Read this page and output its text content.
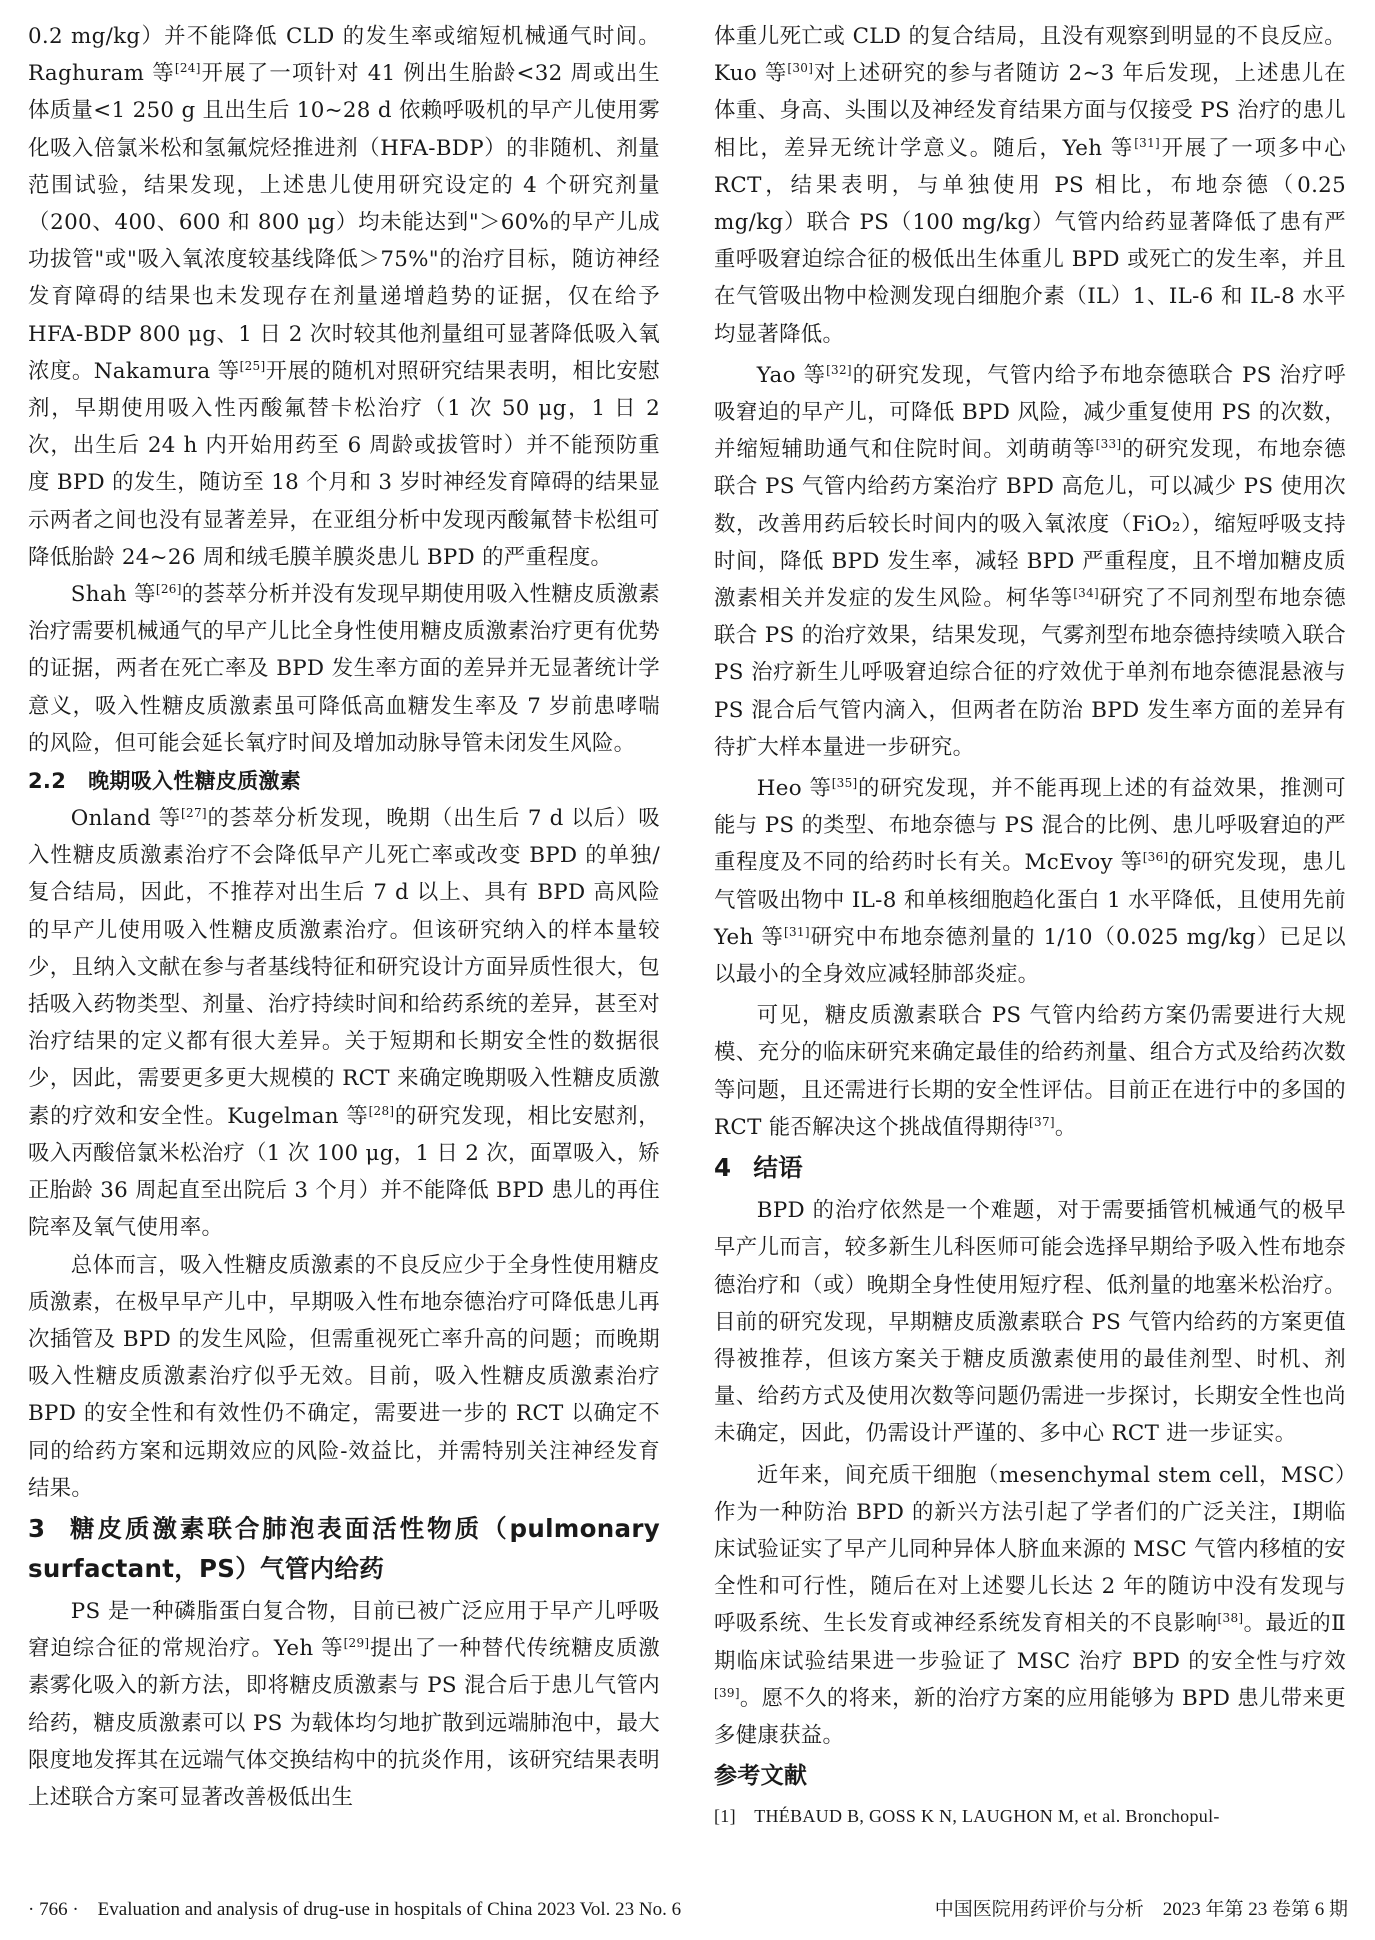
0.2 mg/kg）并不能降低 CLD 的发生率或缩短机械通气时间。Raghuram 等[24]开展了一项针对 41 例出生胎龄<32 周或出生体质量<1 250 g 且出生后 10~28 d 依赖呼吸机的早产儿使用雾化吸入倍氯米松和氢氟烷烃推进剂（HFA-BDP）的非随机、剂量范围试验，结果发现，上述患儿使用研究设定的 4 个研究剂量（200、400、600 和 800 μg）均未能达到"＞60%的早产儿成功拔管"或"吸入氧浓度较基线降低＞75%"的治疗目标，随访神经发育障碍的结果也未发现存在剂量递增趋势的证据，仅在给予 HFA-BDP 800 μg、1 日 2 次时较其他剂量组可显著降低吸入氧浓度。Nakamura 等[25]开展的随机对照研究结果表明，相比安慰剂，早期使用吸入性丙酸氟替卡松治疗（1 次 50 μg，1 日 2 次，出生后 24 h 内开始用药至 6 周龄或拔管时）并不能预防重度 BPD 的发生，随访至 18 个月和 3 岁时神经发育障碍的结果显示两者之间也没有显著差异，在亚组分析中发现丙酸氟替卡松组可降低胎龄 24~26 周和绒毛膜羊膜炎患儿 BPD 的严重程度。

Shah 等[26]的荟萃分析并没有发现早期使用吸入性糖皮质激素治疗需要机械通气的早产儿比全身性使用糖皮质激素治疗更有优势的证据，两者在死亡率及 BPD 发生率方面的差异并无显著统计学意义，吸入性糖皮质激素虽可降低高血糖发生率及 7 岁前患哮喘的风险，但可能会延长氧疗时间及增加动脉导管未闭发生风险。

2.2 晚期吸入性糖皮质激素

Onland 等[27]的荟萃分析发现，晚期（出生后 7 d 以后）吸入性糖皮质激素治疗不会降低早产儿死亡率或改变 BPD 的单独/复合结局，因此，不推荐对出生后 7 d 以上、具有 BPD 高风险的早产儿使用吸入性糖皮质激素治疗。但该研究纳入的样本量较少，且纳入文献在参与者基线特征和研究设计方面异质性很大，包括吸入药物类型、剂量、治疗持续时间和给药系统的差异，甚至对治疗结果的定义都有很大差异。关于短期和长期安全性的数据很少，因此，需要更多更大规模的 RCT 来确定晚期吸入性糖皮质激素的疗效和安全性。Kugelman 等[28]的研究发现，相比安慰剂，吸入丙酸倍氯米松治疗（1 次 100 μg，1 日 2 次，面罩吸入，矫正胎龄 36 周起直至出院后 3 个月）并不能降低 BPD 患儿的再住院率及氧气使用率。

总体而言，吸入性糖皮质激素的不良反应少于全身性使用糖皮质激素，在极早早产儿中，早期吸入性布地奈德治疗可降低患儿再次插管及 BPD 的发生风险，但需重视死亡率升高的问题；而晚期吸入性糖皮质激素治疗似乎无效。目前，吸入性糖皮质激素治疗 BPD 的安全性和有效性仍不确定，需要进一步的 RCT 以确定不同的给药方案和远期效应的风险-效益比，并需特别关注神经发育结果。

3 糖皮质激素联合肺泡表面活性物质（pulmonary surfactant，PS）气管内给药

PS 是一种磷脂蛋白复合物，目前已被广泛应用于早产儿呼吸窘迫综合征的常规治疗。Yeh 等[29]提出了一种替代传统糖皮质激素雾化吸入的新方法，即将糖皮质激素与 PS 混合后于患儿气管内给药，糖皮质激素可以 PS 为载体均匀地扩散到远端肺泡中，最大限度地发挥其在远端气体交换结构中的抗炎作用，该研究结果表明上述联合方案可显著改善极低出生

体重儿死亡或 CLD 的复合结局，且没有观察到明显的不良反应。Kuo 等[30]对上述研究的参与者随访 2~3 年后发现，上述患儿在体重、身高、头围以及神经发育结果方面与仅接受 PS 治疗的患儿相比，差异无统计学意义。随后，Yeh 等[31]开展了一项多中心 RCT，结果表明，与单独使用 PS 相比，布地奈德（0.25 mg/kg）联合 PS（100 mg/kg）气管内给药显著降低了患有严重呼吸窘迫综合征的极低出生体重儿 BPD 或死亡的发生率，并且在气管吸出物中检测发现白细胞介素（IL）1、IL-6 和 IL-8 水平均显著降低。

Yao 等[32]的研究发现，气管内给予布地奈德联合 PS 治疗呼吸窘迫的早产儿，可降低 BPD 风险，减少重复使用 PS 的次数，并缩短辅助通气和住院时间。刘萌萌等[33]的研究发现，布地奈德联合 PS 气管内给药方案治疗 BPD 高危儿，可以减少 PS 使用次数，改善用药后较长时间内的吸入氧浓度（FiO₂），缩短呼吸支持时间，降低 BPD 发生率，减轻 BPD 严重程度，且不增加糖皮质激素相关并发症的发生风险。柯华等[34]研究了不同剂型布地奈德联合 PS 的治疗效果，结果发现，气雾剂型布地奈德持续喷入联合 PS 治疗新生儿呼吸窘迫综合征的疗效优于单剂布地奈德混悬液与 PS 混合后气管内滴入，但两者在防治 BPD 发生率方面的差异有待扩大样本量进一步研究。

Heo 等[35]的研究发现，并不能再现上述的有益效果，推测可能与 PS 的类型、布地奈德与 PS 混合的比例、患儿呼吸窘迫的严重程度及不同的给药时长有关。McEvoy 等[36]的研究发现，患儿气管吸出物中 IL-8 和单核细胞趋化蛋白 1 水平降低，且使用先前 Yeh 等[31]研究中布地奈德剂量的 1/10（0.025 mg/kg）已足以以最小的全身效应减轻肺部炎症。

可见，糖皮质激素联合 PS 气管内给药方案仍需要进行大规模、充分的临床研究来确定最佳的给药剂量、组合方式及给药次数等问题，且还需进行长期的安全性评估。目前正在进行中的多国的 RCT 能否解决这个挑战值得期待[37]。

4 结语

BPD 的治疗依然是一个难题，对于需要插管机械通气的极早早产儿而言，较多新生儿科医师可能会选择早期给予吸入性布地奈德治疗和（或）晚期全身性使用短疗程、低剂量的地塞米松治疗。目前的研究发现，早期糖皮质激素联合 PS 气管内给药的方案更值得被推荐，但该方案关于糖皮质激素使用的最佳剂型、时机、剂量、给药方式及使用次数等问题仍需进一步探讨，长期安全性也尚未确定，因此，仍需设计严谨的、多中心 RCT 进一步证实。

近年来，间充质干细胞（mesenchymal stem cell，MSC）作为一种防治 BPD 的新兴方法引起了学者们的广泛关注，Ⅰ期临床试验证实了早产儿同种异体人脐血来源的 MSC 气管内移植的安全性和可行性，随后在对上述婴儿长达 2 年的随访中没有发现与呼吸系统、生长发育或神经系统发育相关的不良影响[38]。最近的Ⅱ期临床试验结果进一步验证了 MSC 治疗 BPD 的安全性与疗效[39]。愿不久的将来，新的治疗方案的应用能够为 BPD 患儿带来更多健康获益。

参考文献

[1]　THÉBAUD B, GOSS K N, LAUGHON M, et al. Bronchopul-

· 766 ·　Evaluation and analysis of drug-use in hospitals of China 2023 Vol. 23 No. 6	中国医院用药评价与分析　2023 年第 23 卷第 6 期
